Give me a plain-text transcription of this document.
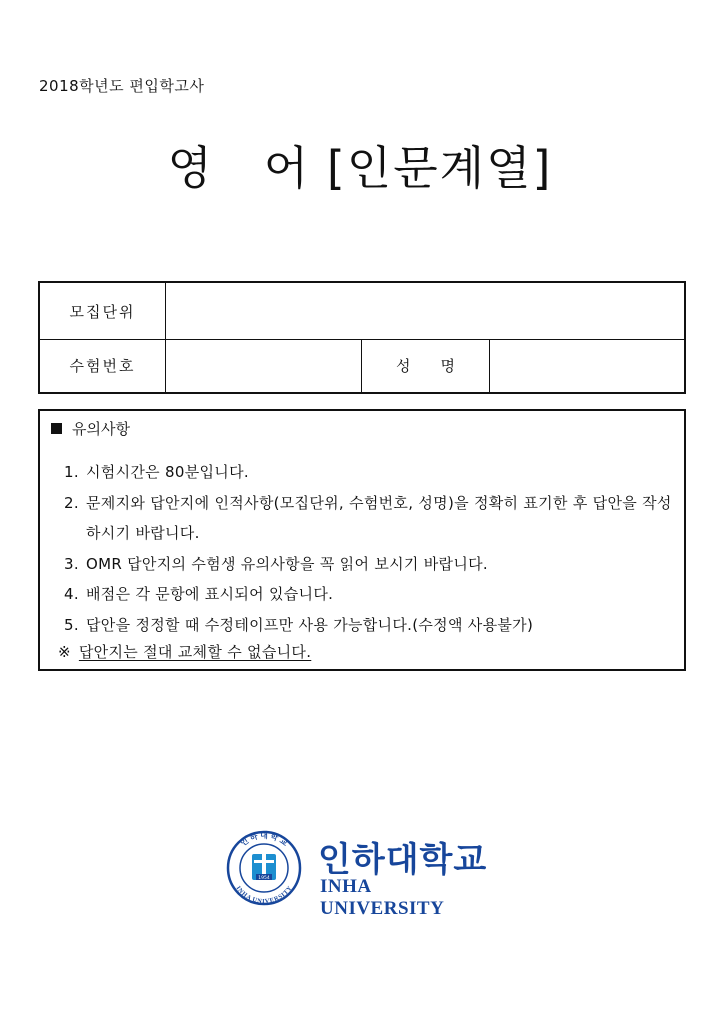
2018학년도 편입학고사
영   어 [인문계열]
모집단위
수험번호	성명
유의사항
1. 시험시간은 80분입니다.
2. 문제지와 답안지에 인적사항(모집단위, 수험번호, 성명)을 정확히 표기한 후 답안을 작성하시기 바랍니다.
3. OMR 답안지의 수험생 유의사항을 꼭 읽어 보시기 바랍니다.
4. 배점은 각 문항에 표시되어 있습니다.
5. 답안을 정정할 때 수정테이프만 사용 가능합니다.(수정액 사용불가)
※ 답안지는 절대 교체할 수 없습니다.
인하대학교
INHA UNIVERSITY
1954 인하대학교
INHA UNIVERSITY
